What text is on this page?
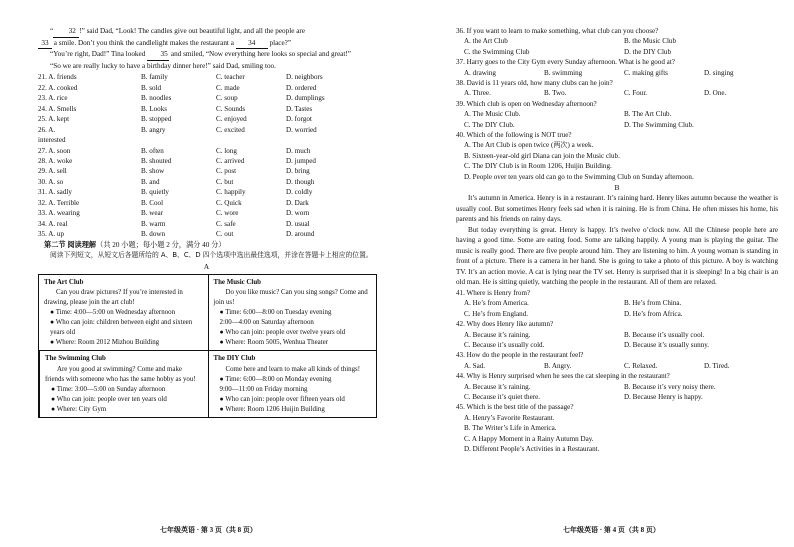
“ 32 !” said Dad, “Look! The candles give out beautiful light, and all the people are

33 a smile. Don’t you think the candlelight makes the restaurant a 34 place?”

“You’re right, Dad!” Tina looked 35 and smiled, “Now everything here looks so special and great!”

“So we are really lucky to have a birthday dinner here!” said Dad, smiling too.

21. A. friends	B. family	C. teacher	D. neighbors
22. A. cooked	B. sold	C. made	D. ordered
23. A. rice	B. noodles	C. soup	D. dumplings
24. A. Smells	B. Looks	C. Sounds	D. Tastes
25. A. kept	B. stopped	C. enjoyed	D. forgot
26. A. interested
B. angry	C. excited	D. worried
27. A. soon	B. often	C. long	D. much
28. A. woke	B. shouted	C. arrived	D. jumped
29. A. sell	B. show	C. post	D. bring
30. A. so	B. and	C. but	D. though
31. A. sadly	B. quietly	C. happily	D. coldly
32. A. Terrible	B. Cool	C. Quick	D. Dark
33. A. wearing	B. wear	C. wore	D. worn
34. A. real	B. warm	C. safe	D. usual
35. A. up	B. down	C. out	D. around

第二节 阅读理解（共 20 小题；每小题 2 分，满分 40 分）

阅读下列短文，从短文后各题所给的 A、B、C、D 四个选项中选出最佳选项，并涂在答题卡上相应的位置。

A

The Art Club
Can you draw pictures? If you’re interested in drawing, please join the art club!
● Time: 4:00—5:00 on Wednesday afternoon
● Who can join: children between eight and sixteen years old
● Where: Room 2012 Mizhou Building
The Music Club
Do you like music? Can you sing songs? Come and join us!
● Time: 6:00—8:00 on Tuesday evening
2:00—4:00 on Saturday afternoon
● Who can join: people over twelve years old
● Where: Room 5005, Wenhua Theater
The Swimming Club
Are you good at swimming? Come and make friends with someone who has the same hobby as you!
● Time: 3:00—5:00 on Sunday afternoon
● Who can join: people over ten years old
● Where: City Gym
The DIY Club
Come here and learn to make all kinds of things!
● Time: 6:00—8:00 on Monday evening
9:00—11:00 on Friday morning
● Who can join: people over fifteen years old
● Where: Room 1206 Huijin Building
七年级英语 · 第 3 页（共 8 页）

36. If you want to learn to make something, what club can you choose?

A. the Art Club	B. the Music Club
C. the Swimming Club	D. the DIY Club

37. Harry goes to the City Gym every Sunday afternoon. What is he good at?

A. drawing	B. swimming	C. making gifts	D. singing

38. David is 11 years old, how many clubs can he join?

A. Three.	B. Two.	C. Four.	D. One.

39. Which club is open on Wednesday afternoon?

A. The Music Club.	B. The Art Club.
C. The DIY Club.	D. The Swimming Club.

40. Which of the following is NOT true?

A. The Art Club is open twice (两次) a week.
B. Sixteen-year-old girl Diana can join the Music club.
C. The DIY Club is in Room 1206, Huijin Building.
D. People over ten years old can go to the Swimming Club on Sunday afternoon.

B

It’s autumn in America. Henry is in a restaurant. It’s raining hard. Henry likes autumn because the weather is usually cool. But sometimes Henry feels sad when it is raining. He is from China. He often misses his home, his parents and his friends on rainy days.

But today everything is great. Henry is happy. It’s twelve o’clock now. All the Chinese people here are having a good time. Some are eating food. Some are talking happily. A young man is playing the guitar. The music is really good. There are five people around him. They are listening to him. A young woman is standing in front of a picture. There is a camera in her hand. She is going to take a photo of this picture. A boy is watching TV. It’s an action movie. A cat is lying near the TV set. Henry is surprised that it is sleeping! In a big chair is an old man. He is sitting quietly, watching the people in the restaurant. All of them are relaxed.

41. Where is Henry from?

A. He’s from America.	B. He’s from China.
C. He’s from England.	D. He’s from Africa.

42. Why does Henry like autumn?

A. Because it’s raining.	B. Because it’s usually cool.
C. Because it’s usually cold.	D. Because it’s usually sunny.

43. How do the people in the restaurant feel?

A. Sad.	B. Angry.	C. Relaxed.	D. Tired.

44. Why is Henry surprised when he sees the cat sleeping in the restaurant?

A. Because it’s raining.	B. Because it’s very noisy there.
C. Because it’s quiet there.	D. Because Henry is happy.

45. Which is the best title of the passage?

A. Henry’s Favorite Restaurant.
B. The Writer’s Life in America.
C. A Happy Moment in a Rainy Autumn Day.
D. Different People’s Activities in a Restaurant.
七年级英语 · 第 4 页（共 8 页）
